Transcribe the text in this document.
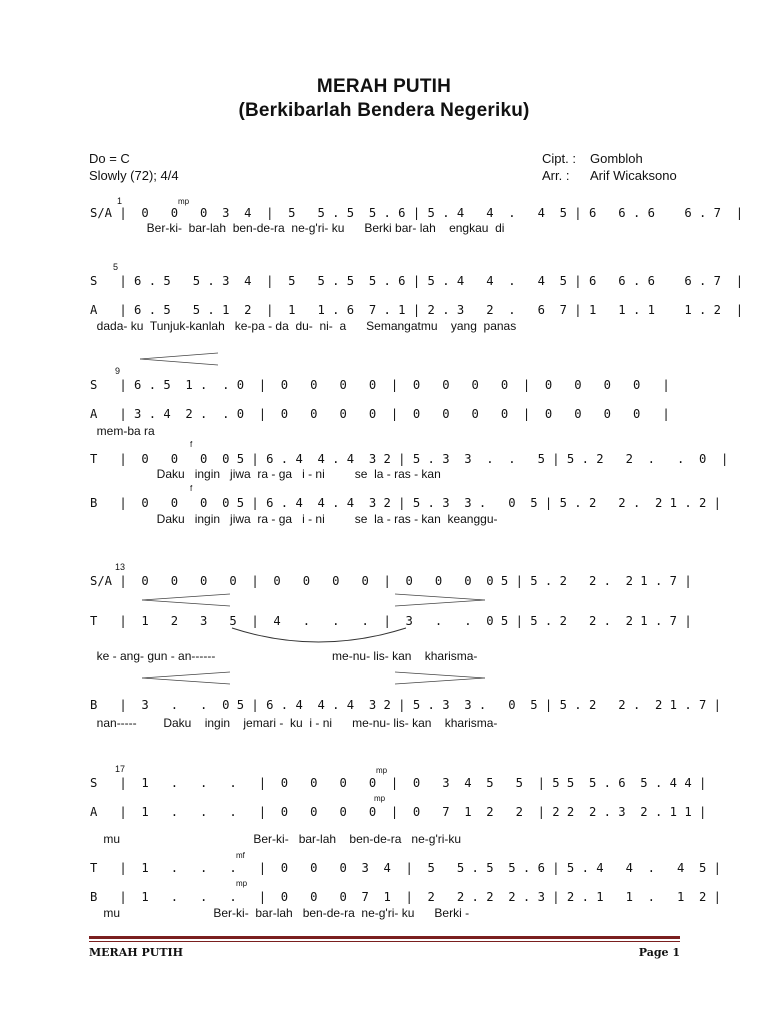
MERAH PUTIH
(Berkibarlah Bendera Negeriku)
Do = C
Slowly (72); 4/4
Cipt. :	Gombloh
Arr. :	Arif Wicaksono
1	mp
S/A |  0   0   0  3  4  |  5   5 . 5  5 . 6 | 5 . 4   4  .   4  5 | 6   6 . 6    6 . 7  |
Ber-ki-  bar-lah  ben-de-ra  ne-g'ri- ku      Berki bar- lah    engkau  di
5
S   | 6 . 5   5 . 3  4  |  5   5 . 5  5 . 6 | 5 . 4   4  .   4  5 | 6   6 . 6    6 . 7  |
A   | 6 . 5   5 . 1  2  |  1   1 . 6  7 . 1 | 2 . 3   2  .   6  7 | 1   1 . 1    1 . 2  |
dada- ku  Tunjuk-kanlah   ke-pa - da  du-  ni-  a      Semangatmu    yang  panas
9
S   | 6 . 5  1 .  . 0  |  0   0   0   0  |  0   0   0   0  |  0   0   0   0   |
A   | 3 . 4  2 .  . 0  |  0   0   0   0  |  0   0   0   0  |  0   0   0   0   |
mem-ba ra
f
T   |  0   0   0  0 5 | 6 . 4  4 . 4  3 2 | 5 . 3  3  .  .   5 | 5 . 2   2  .   .  0  |
Daku   ingin   jiwa  ra - ga   i - ni         se  la - ras - kan
f
B   |  0   0   0  0 5 | 6 . 4  4 . 4  3 2 | 5 . 3  3 .   0  5 | 5 . 2   2 .  2 1 . 2 |
Daku   ingin   jiwa  ra - ga   i - ni         se  la - ras - kan  keanggu-
13
S/A |  0   0   0   0  |  0   0   0   0  |  0   0   0  0 5 | 5 . 2   2 .  2 1 . 7 |
T   |  1   2   3   5  |  4   .   .   .  |  3   .   .  0 5 | 5 . 2   2 .  2 1 . 7 |
ke - ang- gun - an------                                   me-nu- lis- kan    kharisma-
B   |  3   .   .  0 5 | 6 . 4  4 . 4  3 2 | 5 . 3  3 .   0  5 | 5 . 2   2 .  2 1 . 7 |
nan-----        Daku    ingin    jemari -  ku  i - ni      me-nu- lis- kan    kharisma-
17	mp
S   |  1   .   .   .   |  0   0   0   0  |  0   3  4  5   5  | 5 5  5 . 6  5 . 4 4 |
mp
A   |  1   .   .   .   |  0   0   0   0  |  0   7  1  2   2  | 2 2  2 . 3  2 . 1 1 |
mu                                        Ber-ki-   bar-lah    ben-de-ra   ne-g'ri-ku
mf
T   |  1   .   .   .   |  0   0   0  3  4  |  5   5 . 5  5 . 6 | 5 . 4   4  .   4  5 |
mp
B   |  1   .   .   .   |  0   0   0  7  1  |  2   2 . 2  2 . 3 | 2 . 1   1  .   1  2 |
mu                            Ber-ki-  bar-lah   ben-de-ra  ne-g'ri- ku      Berki -
MERAH PUTIH	Page 1
